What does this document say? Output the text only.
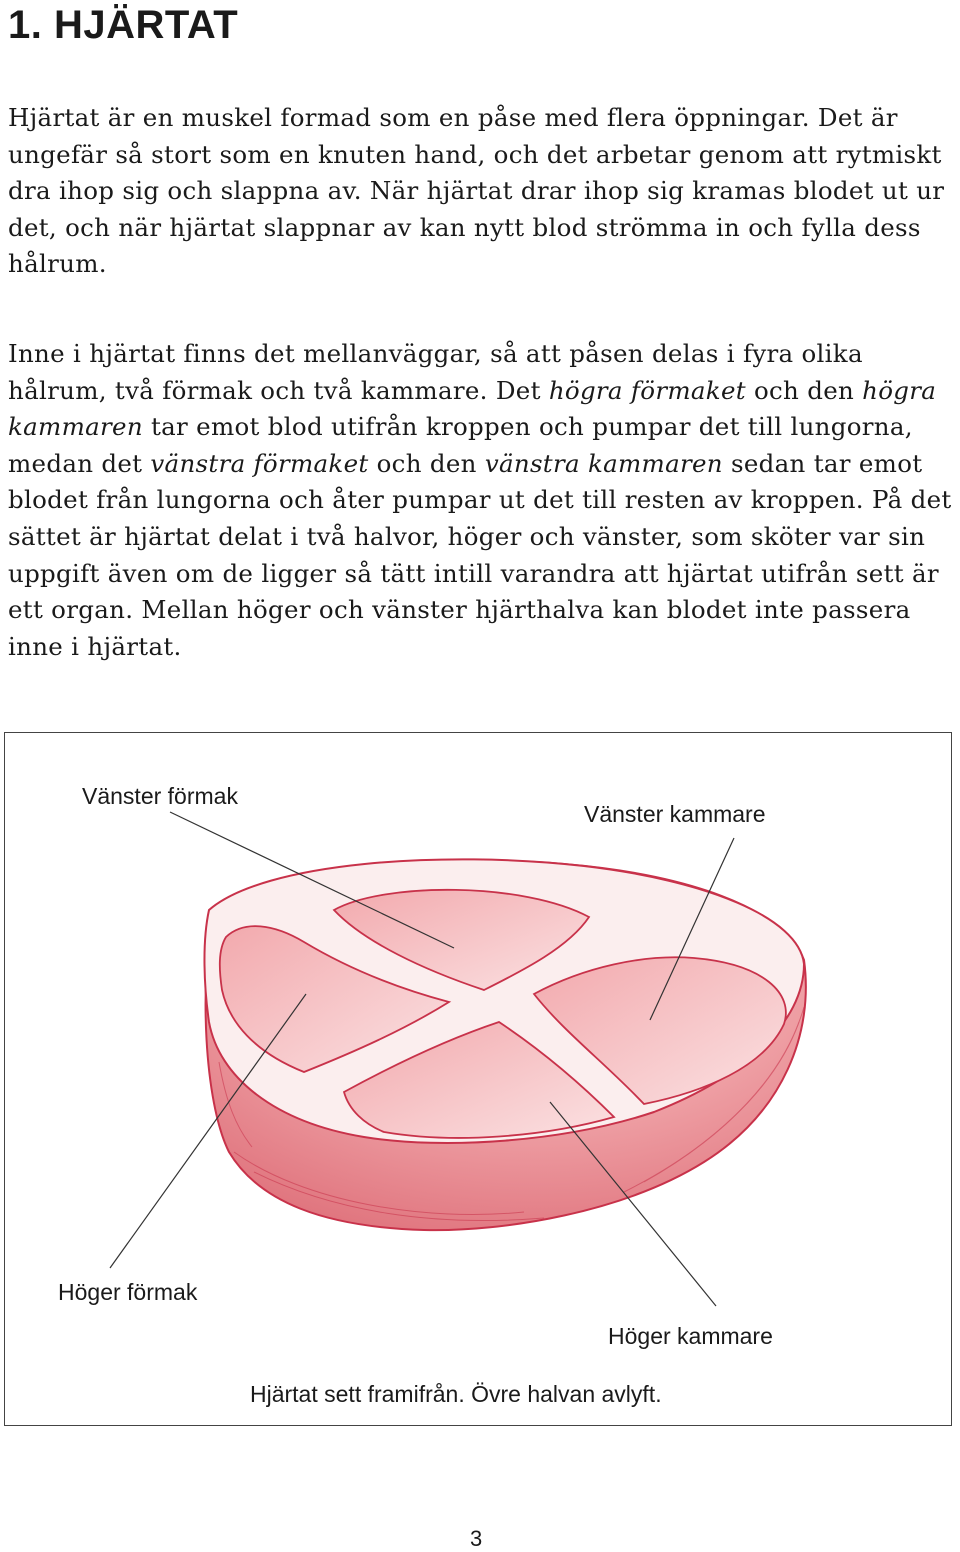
1. HJÄRTAT

Hjärtat är en muskel formad som en påse med flera öppningar. Det är ungefär så stort som en knuten hand, och det arbetar genom att rytmiskt dra ihop sig och slappna av. När hjärtat drar ihop sig kramas blodet ut ur det, och när hjärtat slappnar av kan nytt blod strömma in och fylla dess hålrum.

Inne i hjärtat finns det mellanväggar, så att påsen delas i fyra olika hålrum, två förmak och två kammare. Det högra förmaket och den högra kammaren tar emot blod utifrån kroppen och pumpar det till lungorna, medan det vänstra förmaket och den vänstra kammaren sedan tar emot blodet från lungorna och åter pumpar ut det till resten av kroppen. På det sättet är hjärtat delat i två halvor, höger och vänster, som sköter var sin uppgift även om de ligger så tätt intill varandra att hjärtat utifrån sett är ett organ. Mellan höger och vänster hjärthalva kan blodet inte passera inne i hjärtat.

Vänster förmak
Vänster kammare
Höger förmak
Höger kammare
Hjärtat sett framifrån. Övre halvan avlyft.
3
